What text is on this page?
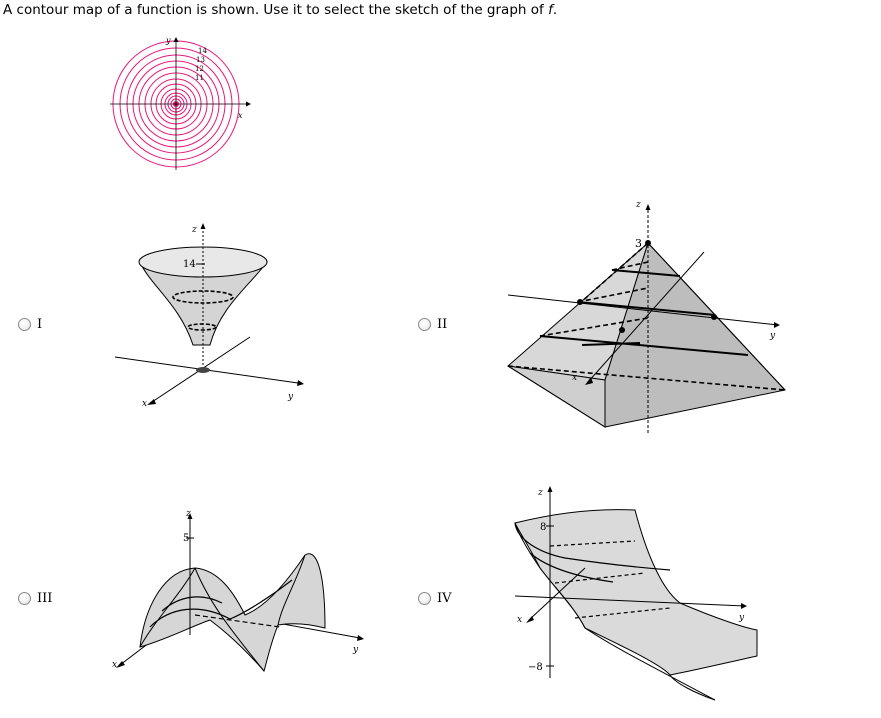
A contour map of a function is shown. Use it to select the sketch of the graph of f.
y
x
14
13
12
11
I
z
14
x
y
II
z
3
x
y
III
z
5
x
y
IV
z
8
−8
x	y
